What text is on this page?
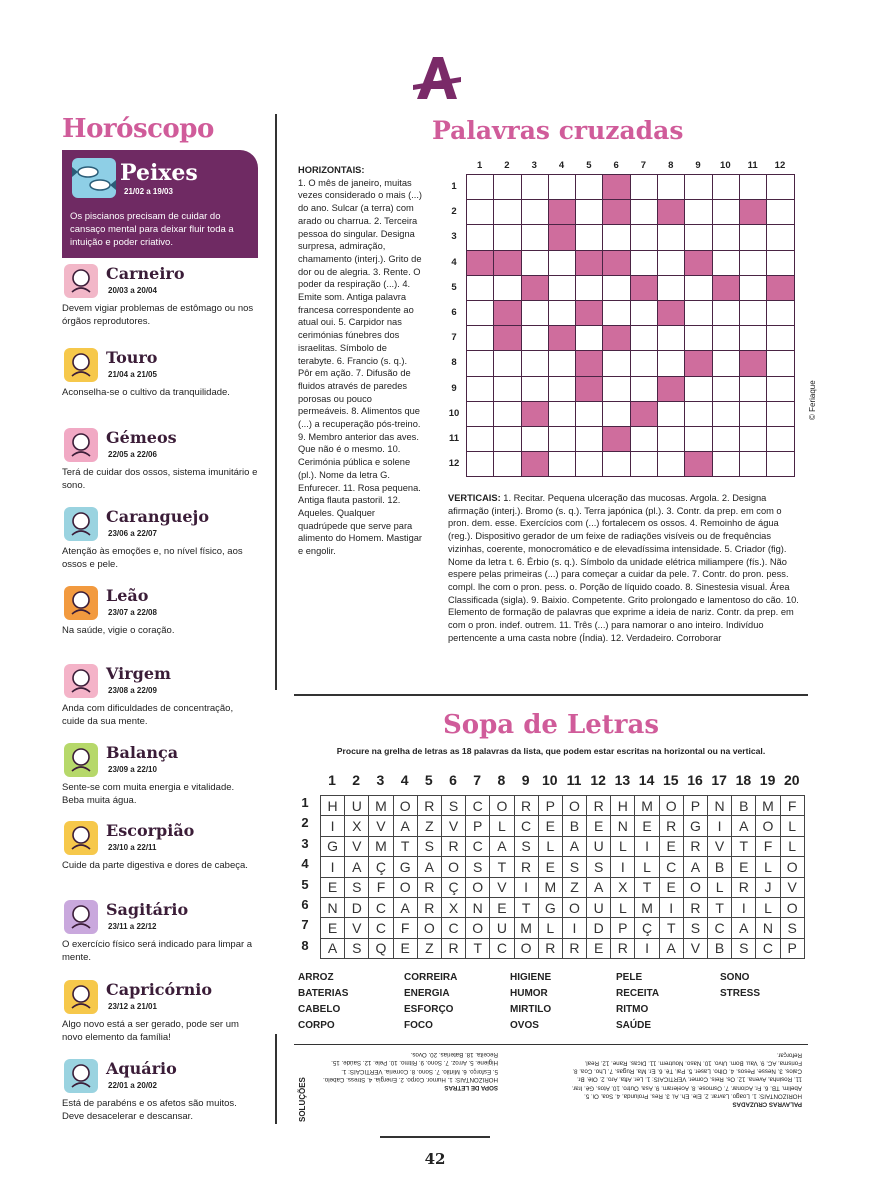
Horóscopo
Peixes
21/02 a 19/03
Os piscianos precisam de cuidar do cansaço mental para deixar fluir toda a intuição e poder criativo.
Carneiro
20/03 a 20/04
Devem vigiar problemas de estômago ou nos órgãos reprodutores.
Touro
21/04 a 21/05
Aconselha-se o cultivo da tranquilidade.
Gémeos
22/05 a 22/06
Terá de cuidar dos ossos, sistema imunitário e sono.
Caranguejo
23/06 a 22/07
Atenção às emoções e, no nível físico, aos ossos e pele.
Leão
23/07 a 22/08
Na saúde, vigie o coração.
Virgem
23/08 a 22/09
Anda com dificuldades de concentração, cuide da sua mente.
Balança
23/09 a 22/10
Sente-se com muita energia e vitalidade. Beba muita água.
Escorpião
23/10 a 22/11
Cuide da parte digestiva e dores de cabeça.
Sagitário
23/11 a 22/12
O exercício físico será indicado para limpar a mente.
Capricórnio
23/12 a 21/01
Algo novo está a ser gerado, pode ser um novo elemento da família!
Aquário
22/01 a 20/02
Está de parabéns e os afetos são muitos. Deve desacelerar e descansar.
Palavras cruzadas
HORIZONTAIS:
1. O mês de janeiro, muitas vezes considerado o mais (...) do ano. Sulcar (a terra) com arado ou charrua. 2. Terceira pessoa do singular. Designa surpresa, admiração, chamamento (interj.). Grito de dor ou de alegria. 3. Rente. O poder da respiração (...). 4. Emite som. Antiga palavra francesa correspondente ao atual oui. 5. Carpidor nas cerimónias fúnebres dos israelitas. Símbolo de terabyte. 6. Francio (s. q.). Pôr em ação. 7. Difusão de fluidos através de paredes porosas ou pouco permeáveis. 8. Alimentos que (...) a recuperação pós-treino. 9. Membro anterior das aves. Que não é o mesmo. 10. Cerimónia pública e solene (pl.). Nome da letra G. Enfurecer. 11. Rosa pequena. Antiga flauta pastoril. 12. Aqueles. Qualquer quadrúpede que serve para alimento do Homem. Mastigar e engolir.
1	2	3	4	5	6	7	8	9	10	11	12
1
2
3
4
5
6
7
8
9
10
11
12

© Feriaque
VERTICAIS: 1. Recitar. Pequena ulceração das mucosas. Argola. 2. Designa afirmação (interj.). Bromo (s. q.). Terra japónica (pl.). 3. Contr. da prep. em com o pron. dem. esse. Exercícios com (...) fortalecem os ossos. 4. Remoinho de água (reg.). Dispositivo gerador de um feixe de radiações visíveis ou de frequências vizinhas, coerente, monocromático e de elevadíssima intensidade. 5. Criador (fig). Nome da letra t. 6. Érbio (s. q.). Símbolo da unidade elétrica miliampere (fís.). Não espere pelas primeiras (...) para começar a cuidar da pele. 7. Contr. do pron. pess. compl. lhe com o pron. pess. o. Porção de líquido coado. 8. Sinestesia visual. Área Classificada (sigla). 9. Baixio. Competente. Grito prolongado e lamentoso do cão. 10. Elemento de formação de palavras que exprime a ideia de nariz. Contr. da prep. em com o pron. indef. outrem. 11. Três (...) para namorar o ano inteiro. Indivíduo pertencente a uma casta nobre (Índia). 12. Verdadeiro. Corroborar
Sopa de Letras
Procure na grelha de letras as 18 palavras da lista, que podem estar escritas na horizontal ou na vertical.
1	2	3	4	5	6	7	8	9 10 11 12 13 14 15 16 17 18 19 20
1
2
3
4
5
6
7
8
H	U	M	O	R	S	C	O	R	P	O	R	H	M	O	P	N	B	M	F
I	X	V	A	Z	V	P	L	C	E	B	E	N	E	R	G	I	A	O	L
G	V	M	T	S	R	C	A	S	L	A	U	L	I	E	R	V	T	F	L
I	A	Ç	G	A	O	S	T	R	E	S	S	I	L	C	A	B	E	L	O
E	S	F	O	R	Ç	O	V	I	M	Z	A	X	T	E	O	L	R	J	V
N	D	C	A	R	X	N	E	T	G	O	U	L	M	I	R	T	I	L	O
E	V	C	F	O	C	O	U	M	L	I	D	P	Ç	T	S	C	A	N	S
A	S	Q	E	Z	R	T	C	O	R	R	E	R	I	A	V	B	S	C	P
ARROZ
BATERIAS
CABELO
CORPO
CORREIRA
ENERGIA
ESFORÇO
FOCO
HIGIENE
HUMOR
MIRTILO
OVOS
PELE
RECEITA
RITMO
SAÚDE
SONO
STRESS
SOLUÇÕES	SOPA DE LETRAS
HORIZONTAIS: 1. Humor. Corpo. 2. Energia. 4. Stress. Cabelo. 5. Esforço. 6. Mirtilo. 7. Sono. 8. Correria. VERTICAIS: 1. Higiene. 5. Arroz. 7. Sono. 9. Ritmo. 10. Pele. 12. Saúde. 15. Receita. 18. Baterias. 20. Ovos.
PALAVRAS CRUZADAS
HORIZONTAIS: 1. Loago. Lavrar. 2. Ele. Eh. Ai. 3. Res. Prolunda. 4. Soa. Oi. 5. Abelim. TB. 6. Fr. Acionar. 7. Osmose. 8. Aceleram. 9. Asa. Outro. 10. Atos. Gê. Irar. 11. Rosinha. Avena. 12. Os. Reis. Comer. VERTICAIS: 1. Ler. Afta. Aro. 2. Olé. Br. Caios. 3. Nesse. Pesos. 4. Olho. Laser. 5. Pai. Tê. 6. Er. Ma. Rugas. 7. Lho. Coa. 8. Forisma. AC. 9. Vau. Bom. Uivo. 10. Naso. Noutrem. 11. Dicas. Rane. 12. Real. Reforçar.
42
